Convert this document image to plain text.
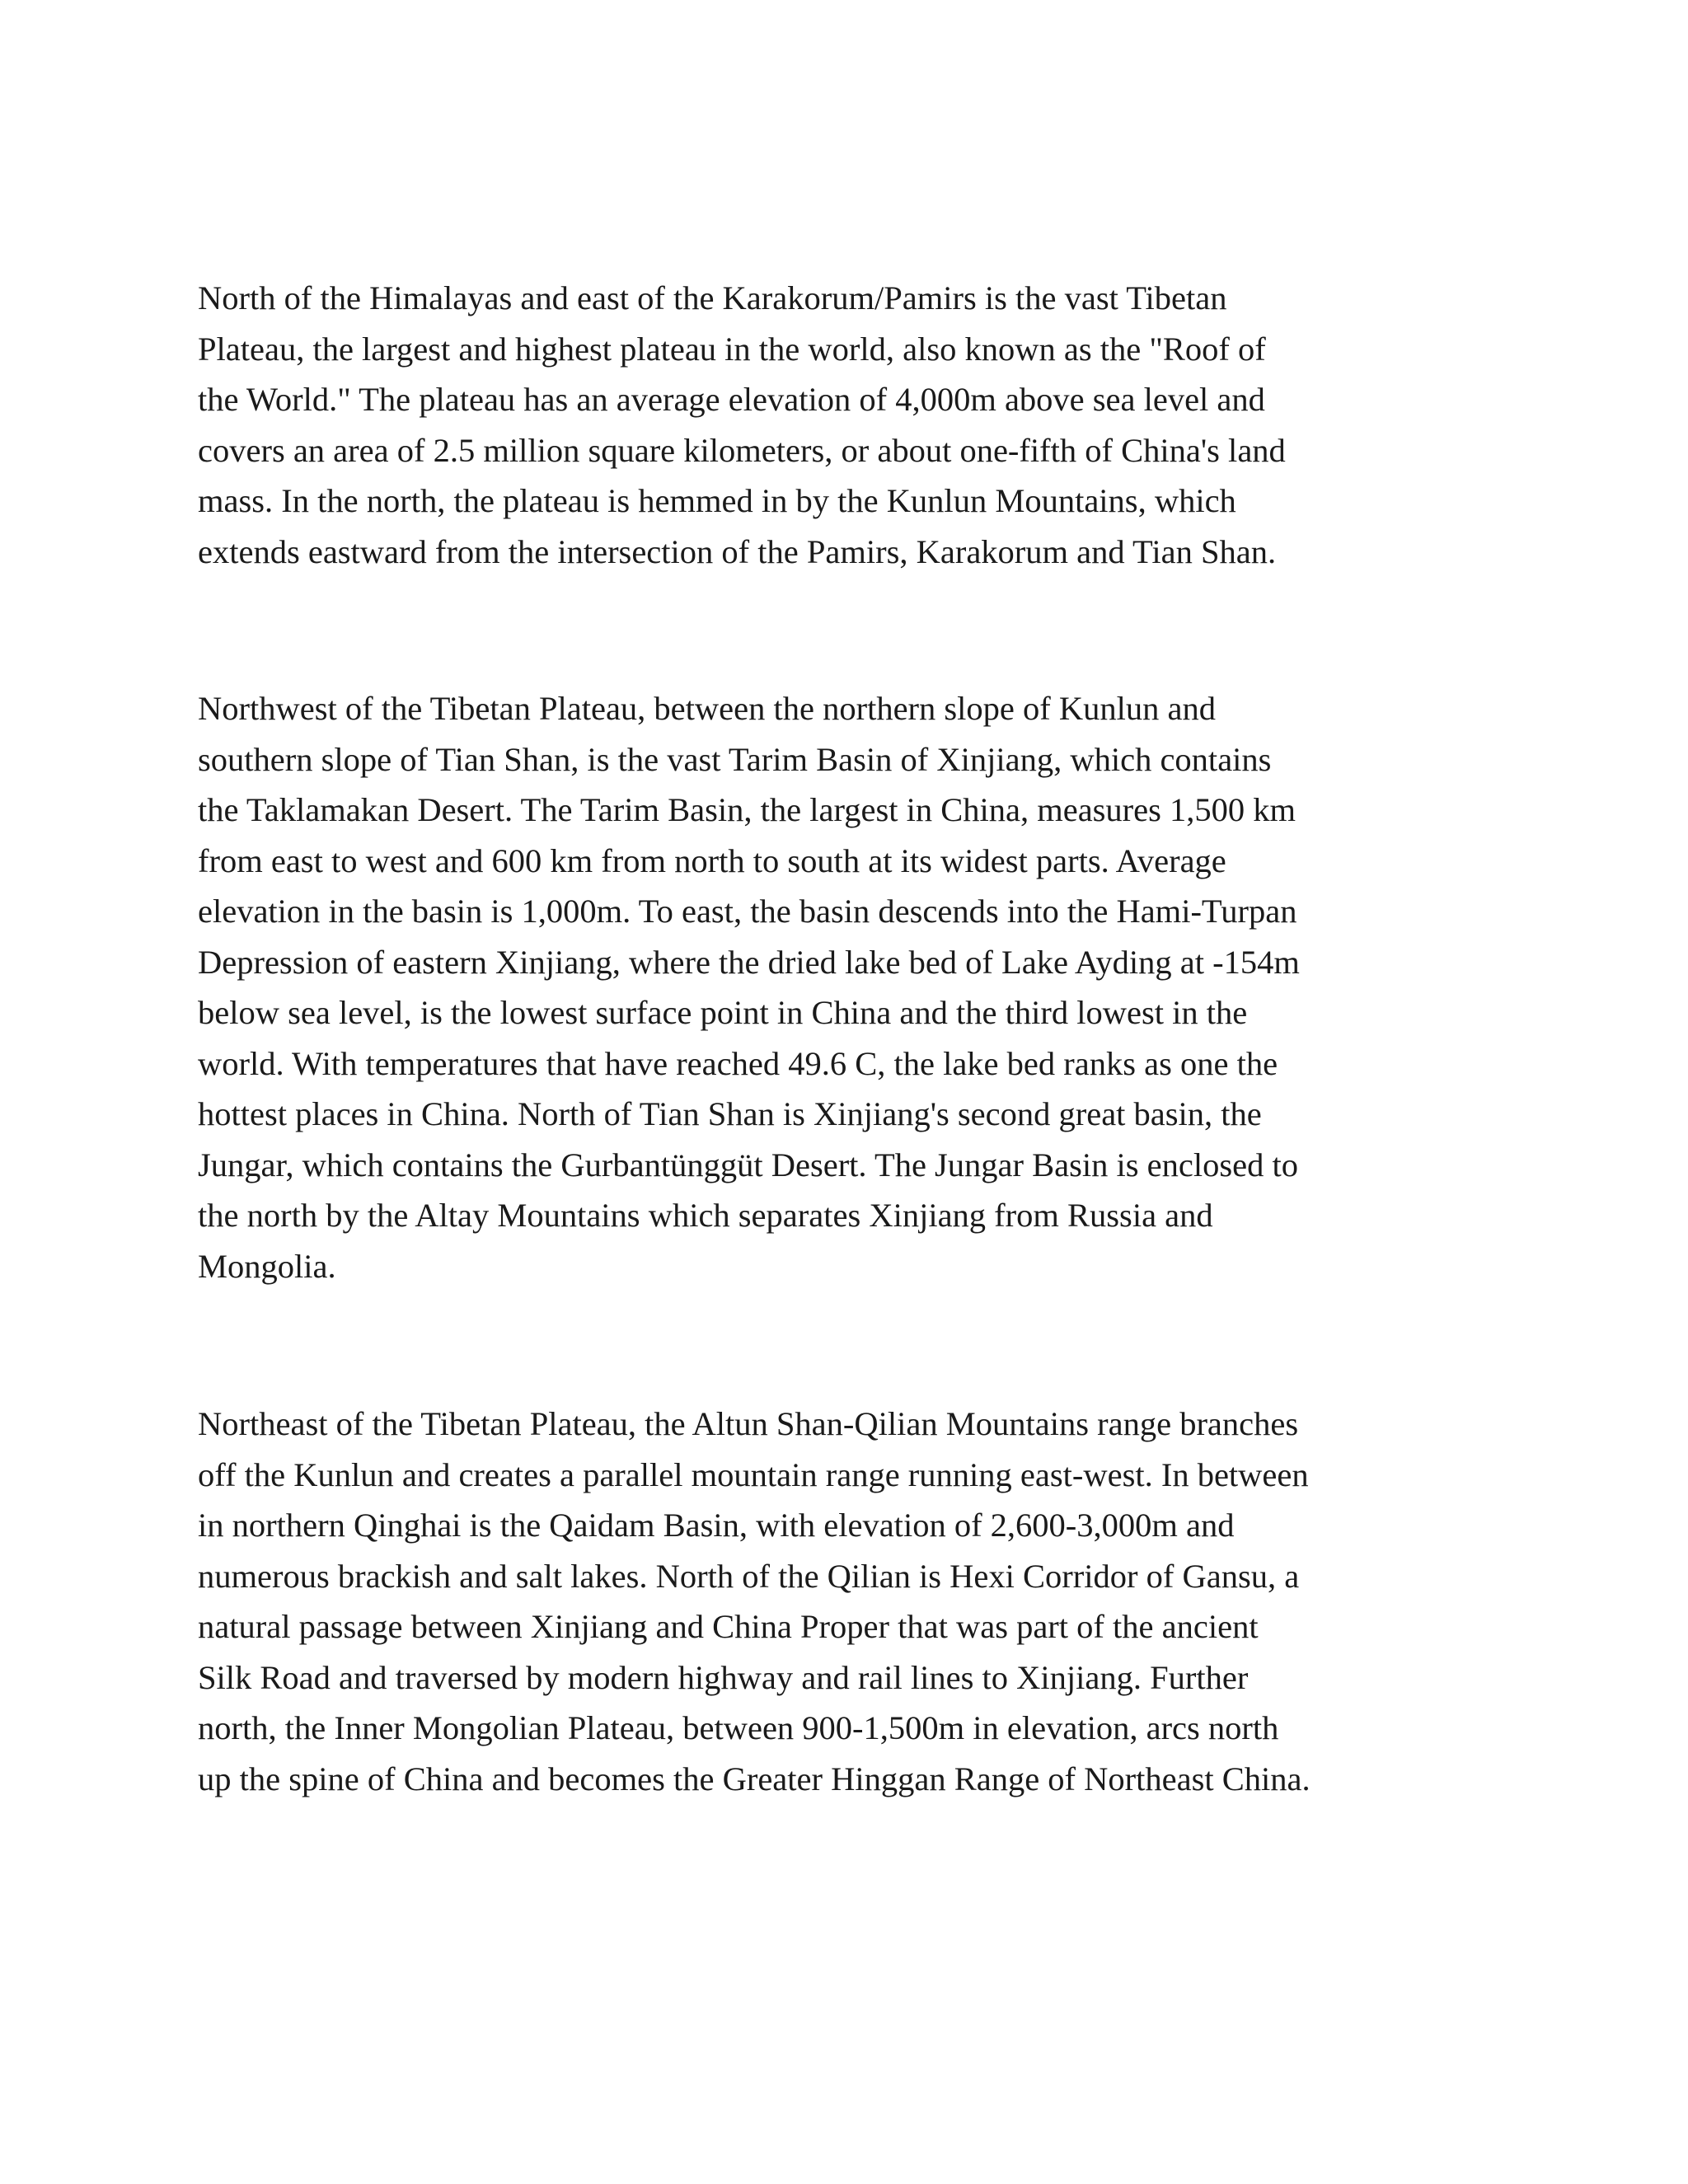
North of the Himalayas and east of the Karakorum/Pamirs is the vast Tibetan
Plateau, the largest and highest plateau in the world, also known as the "Roof of
the World." The plateau has an average elevation of 4,000m above sea level and
covers an area of 2.5 million square kilometers, or about one-fifth of China's land
mass. In the north, the plateau is hemmed in by the Kunlun Mountains, which
extends eastward from the intersection of the Pamirs, Karakorum and Tian Shan.

Northwest of the Tibetan Plateau, between the northern slope of Kunlun and
southern slope of Tian Shan, is the vast Tarim Basin of Xinjiang, which contains
the Taklamakan Desert. The Tarim Basin, the largest in China, measures 1,500 km
from east to west and 600 km from north to south at its widest parts. Average
elevation in the basin is 1,000m. To east, the basin descends into the Hami-Turpan
Depression of eastern Xinjiang, where the dried lake bed of Lake Ayding at -154m
below sea level, is the lowest surface point in China and the third lowest in the
world. With temperatures that have reached 49.6 C, the lake bed ranks as one the
hottest places in China. North of Tian Shan is Xinjiang's second great basin, the
Jungar, which contains the Gurbantünggüt Desert. The Jungar Basin is enclosed to
the north by the Altay Mountains which separates Xinjiang from Russia and
Mongolia.

Northeast of the Tibetan Plateau, the Altun Shan-Qilian Mountains range branches
off the Kunlun and creates a parallel mountain range running east-west. In between
in northern Qinghai is the Qaidam Basin, with elevation of 2,600-3,000m and
numerous brackish and salt lakes. North of the Qilian is Hexi Corridor of Gansu, a
natural passage between Xinjiang and China Proper that was part of the ancient
Silk Road and traversed by modern highway and rail lines to Xinjiang. Further
north, the Inner Mongolian Plateau, between 900-1,500m in elevation, arcs north
up the spine of China and becomes the Greater Hinggan Range of Northeast China.
